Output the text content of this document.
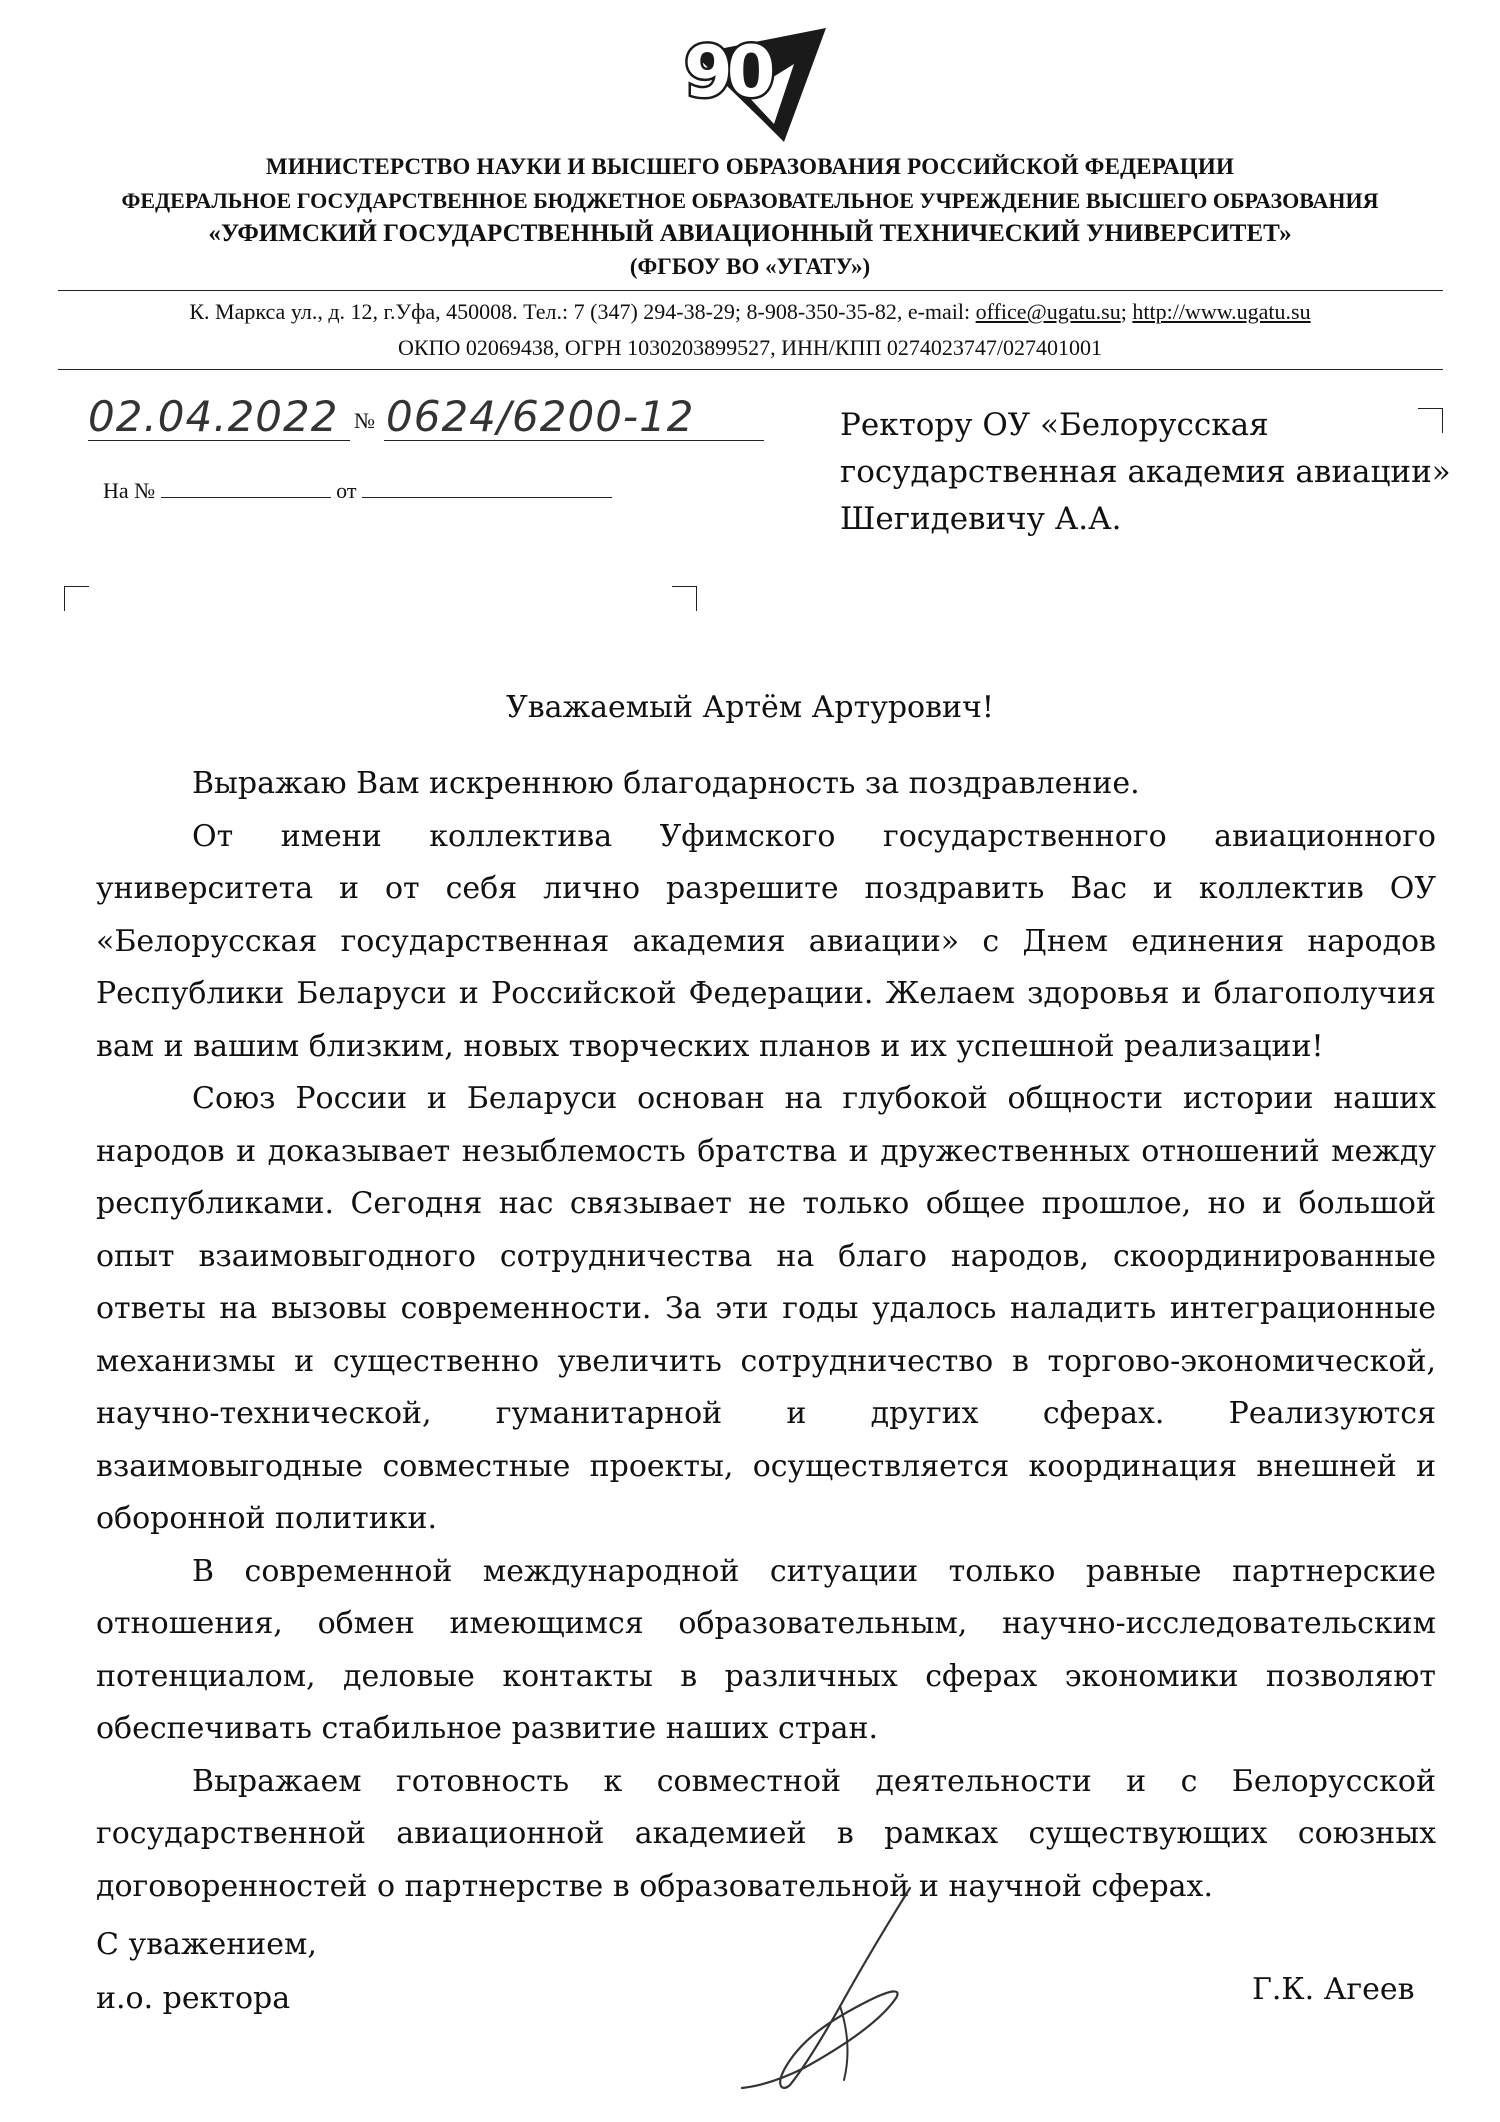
90
МИНИСТЕРСТВО НАУКИ И ВЫСШЕГО ОБРАЗОВАНИЯ РОССИЙСКОЙ ФЕДЕРАЦИИ
ФЕДЕРАЛЬНОЕ ГОСУДАРСТВЕННОЕ БЮДЖЕТНОЕ ОБРАЗОВАТЕЛЬНОЕ УЧРЕЖДЕНИЕ ВЫСШЕГО ОБРАЗОВАНИЯ
«УФИМСКИЙ ГОСУДАРСТВЕННЫЙ АВИАЦИОННЫЙ ТЕХНИЧЕСКИЙ УНИВЕРСИТЕТ»
(ФГБОУ ВО «УГАТУ»)
К. Маркса ул., д. 12, г.Уфа, 450008. Тел.: 7 (347) 294-38-29; 8-908-350-35-82, e-mail: office@ugatu.su; http://www.ugatu.su
ОКПО 02069438, ОГРН 1030203899527, ИНН/КПП 0274023747/027401001
02.04.2022 № 0624/6200-12
На №	от
Ректору ОУ «Белорусская
государственная академия авиации»
Шегидевичу А.А.
Уважаемый Артём Артурович!

Выражаю Вам искреннюю благодарность за поздравление.

От имени коллектива Уфимского государственного авиационного университета и от себя лично разрешите поздравить Вас и коллектив ОУ «Белорусская государственная академия авиации» с Днем единения народов Республики Беларуси и Российской Федерации. Желаем здоровья и благополучия вам и вашим близким, новых творческих планов и их успешной реализации!

Союз России и Беларуси основан на глубокой общности истории наших народов и доказывает незыблемость братства и дружественных отношений между республиками. Сегодня нас связывает не только общее прошлое, но и большой опыт взаимовыгодного сотрудничества на благо народов, скоординированные ответы на вызовы современности. За эти годы удалось наладить интеграционные механизмы и существенно увеличить сотрудничество в торгово-экономической, научно-технической, гуманитарной и других сферах. Реализуются взаимовыгодные совместные проекты, осуществляется координация внешней и оборонной политики.

В современной международной ситуации только равные партнерские отношения, обмен имеющимся образовательным, научно-исследовательским потенциалом, деловые контакты в различных сферах экономики позволяют обеспечивать стабильное развитие наших стран.

Выражаем готовность к совместной деятельности и с Белорусской государственной авиационной академией в рамках существующих союзных договоренностей о партнерстве в образовательной и научной сферах.

С уважением,
и.о. ректора	Г.К. Агеев
